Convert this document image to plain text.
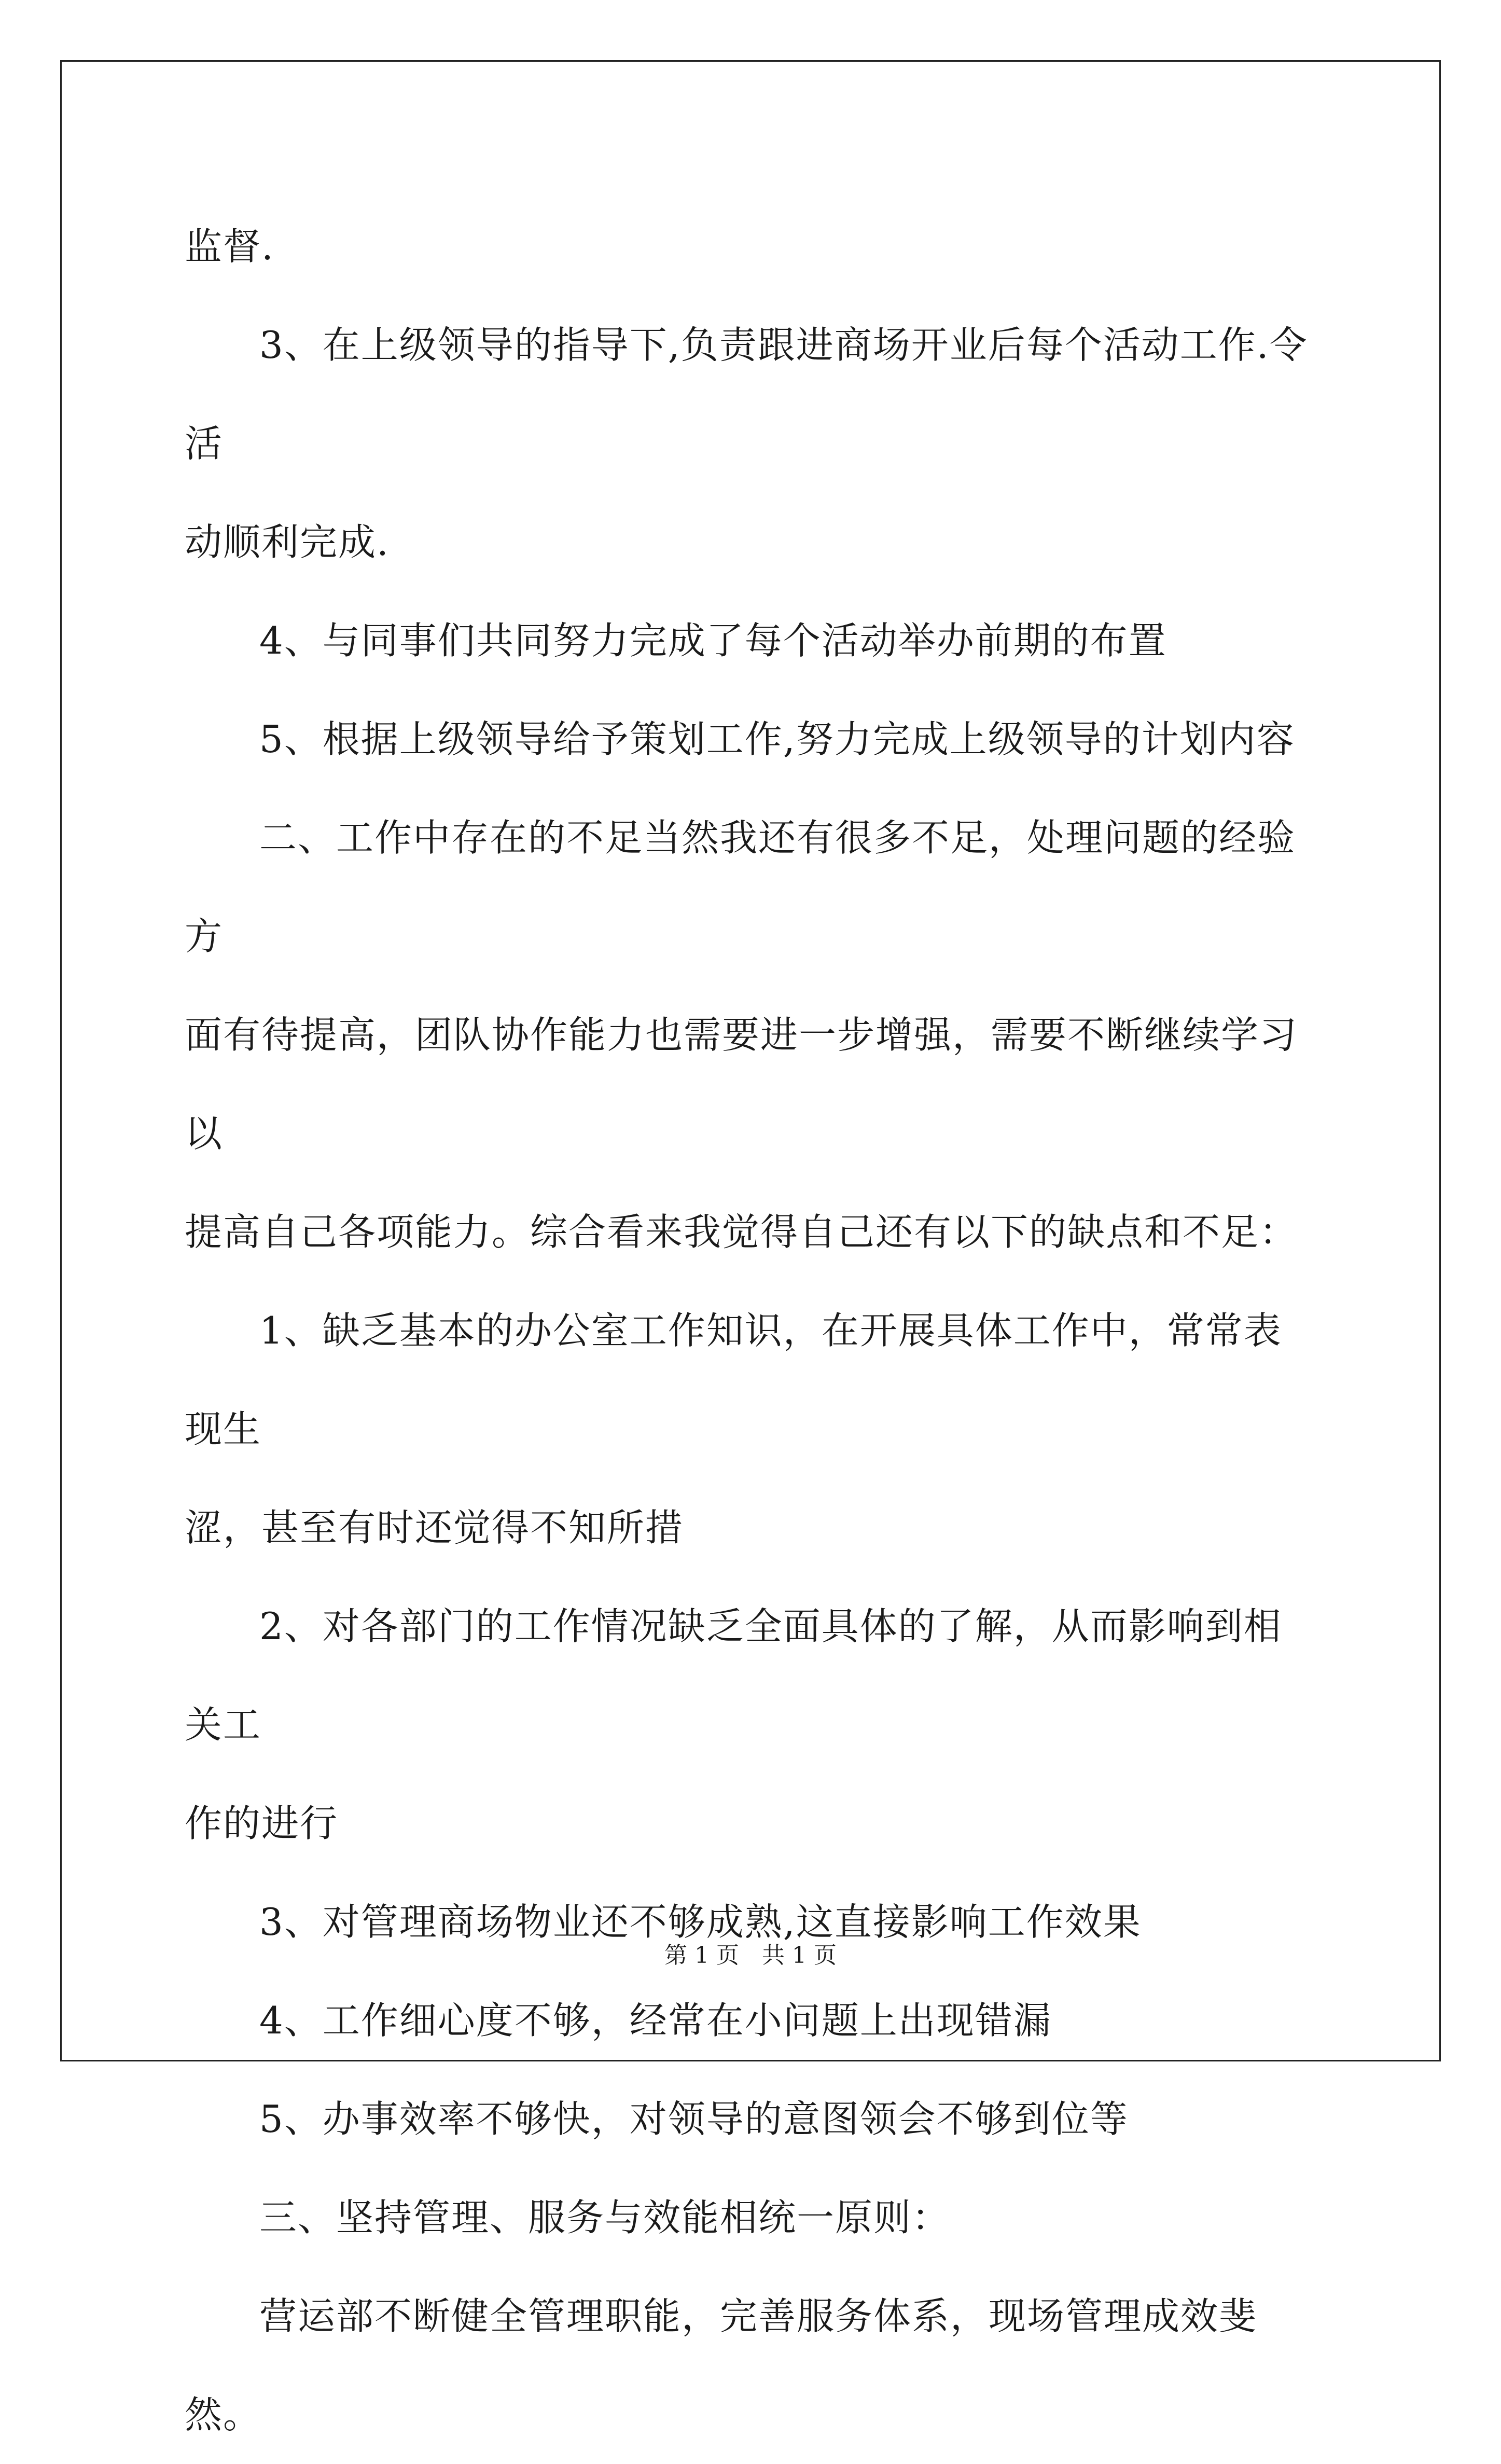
监督.

3、在上级领导的指导下,负责跟进商场开业后每个活动工作.令活

动顺利完成.

4、与同事们共同努力完成了每个活动举办前期的布置

5、根据上级领导给予策划工作,努力完成上级领导的计划内容

二、工作中存在的不足当然我还有很多不足，处理问题的经验方

面有待提高，团队协作能力也需要进一步增强，需要不断继续学习以

提高自己各项能力。综合看来我觉得自己还有以下的缺点和不足：

1、缺乏基本的办公室工作知识，在开展具体工作中，常常表现生

涩，甚至有时还觉得不知所措

2、对各部门的工作情况缺乏全面具体的了解，从而影响到相关工

作的进行

3、对管理商场物业还不够成熟,这直接影响工作效果

4、工作细心度不够，经常在小问题上出现错漏

5、办事效率不够快，对领导的意图领会不够到位等

三、坚持管理、服务与效能相统一原则：

营运部不断健全管理职能，完善服务体系，现场管理成效斐然。

第 1 页　共 1 页
